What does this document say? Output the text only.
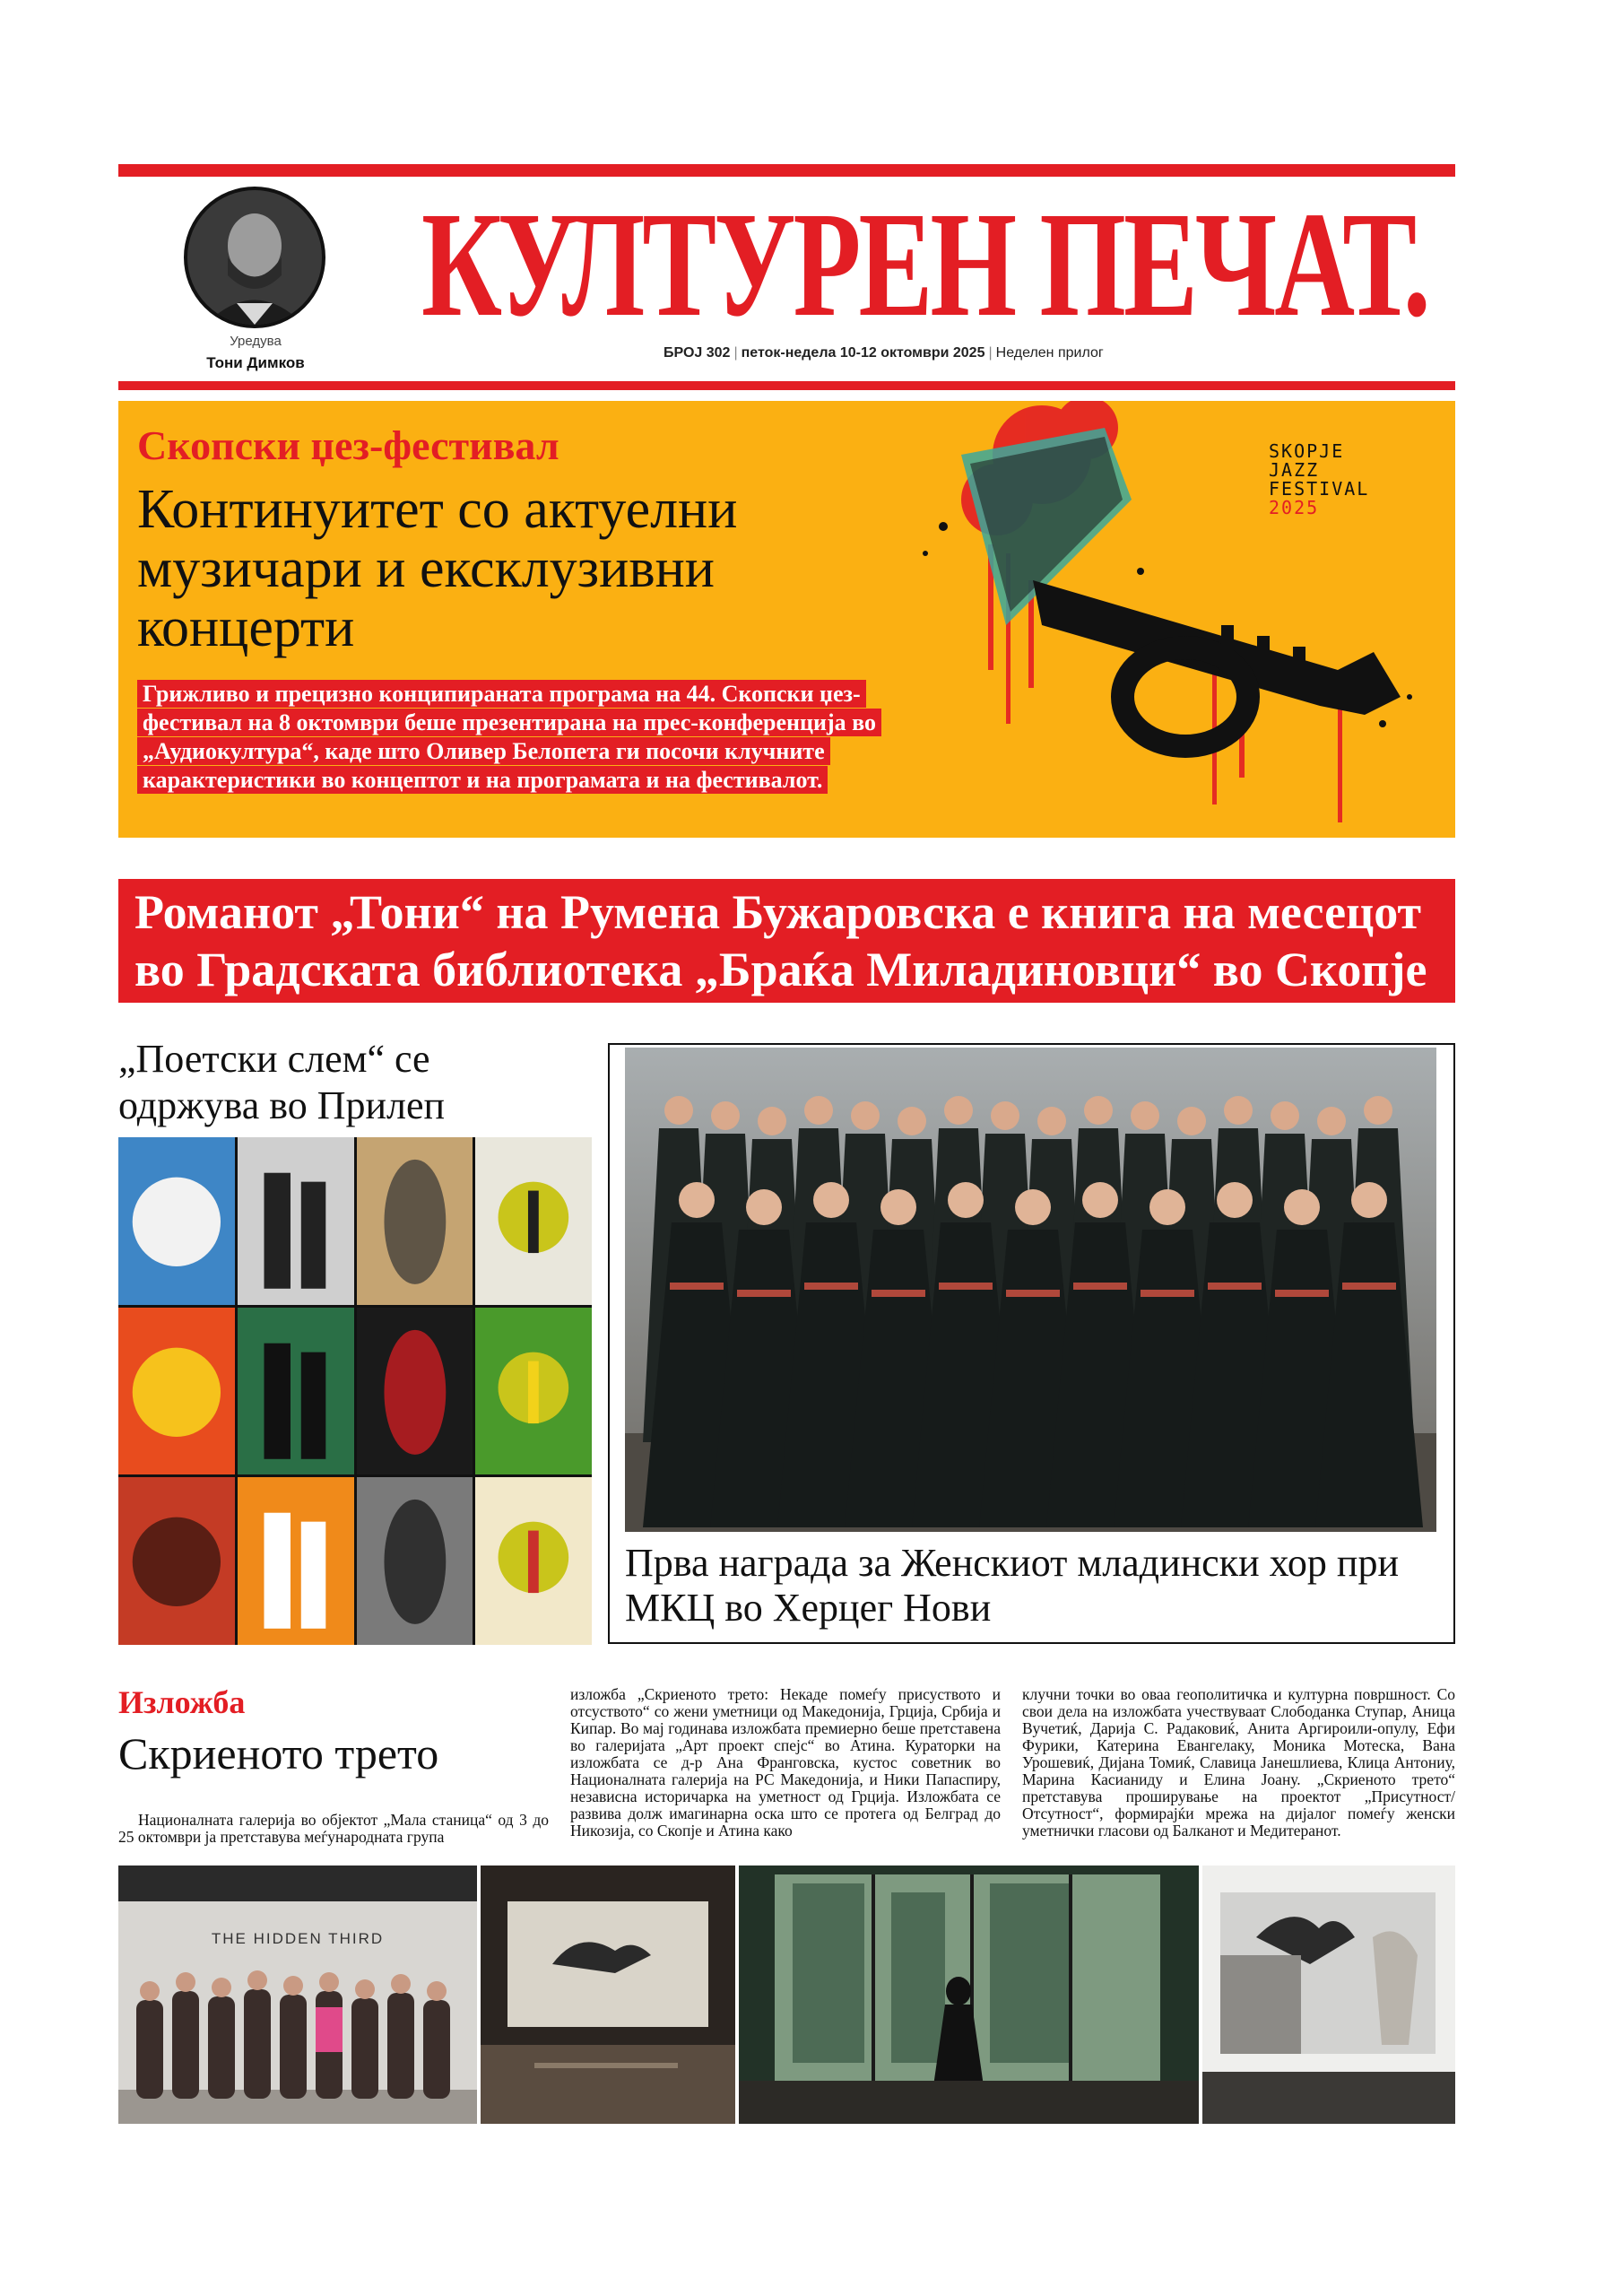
Уредува
Тони Димков
КУЛТУРЕН ПЕЧАТ.
БРОЈ 302 | петок-недела 10-12 октомври 2025 | Неделен прилог
Скопски џез-фестивал
Континуитет со актуелни музичари и ексклузивни концерти
Грижливо и прецизно конципираната програма на 44. Скопски џез-фестивал на 8 октомври беше презентирана на прес-конференција во „Аудиокултура“, каде што Оливер Белопета ги посочи клучните карактеристики во концептот и на програмата и на фестивалот.
SKOPJE
JAZZ
FESTIVAL
2025
Романот „Тони“ на Румена Бужаровска е книга на месецот во Градската библиотека „Браќа Миладиновци“ во Скопје
„Поетски слем“ се одржува во Прилеп
Прва награда за Женскиот младински хор при МКЦ во Херцег Нови
Изложба
Скриеното трето
Националната галерија во објектот „Мала станица“ од 3 до 25 октомври ја претставува меѓународната група
изложба „Скриеното трето: Некаде помеѓу присуството и отсуството“ со жени уметници од Македонија, Грција, Србија и Кипар. Во мај годинава изложбата премиерно беше претставена во галеријата „Арт проект спејс“ во Атина. Кураторки на изложбата се д-р Ана Франговска, кустос советник во Националната галерија на РС Македонија, и Ники Папаспиру, независна историчарка на уметност од Грција. Изложбата се развива долж имагинарна оска што се протега од Белград до Никозија, со Скопје и Атина како
клучни точки во оваа геополитичка и културна површност. Со свои дела на изложбата учествуваат Слободанка Ступар, Аница Вучетиќ, Дарија С. Радаковиќ, Анита Аргироили-опулу, Ефи Фурики, Катерина Евангелаку, Моника Мотеска, Вана Урошевиќ, Дијана Томиќ, Славица Јанешлиева, Клица Антониу, Марина Касианиду и Елина Јоану. „Скриеното трето“ претставува проширување на проектот „Присутност/Отсутност“, формирајќи мрежа на дијалог помеѓу женски уметнички гласови од Балканот и Медитеранот.
THE HIDDEN THIRD
